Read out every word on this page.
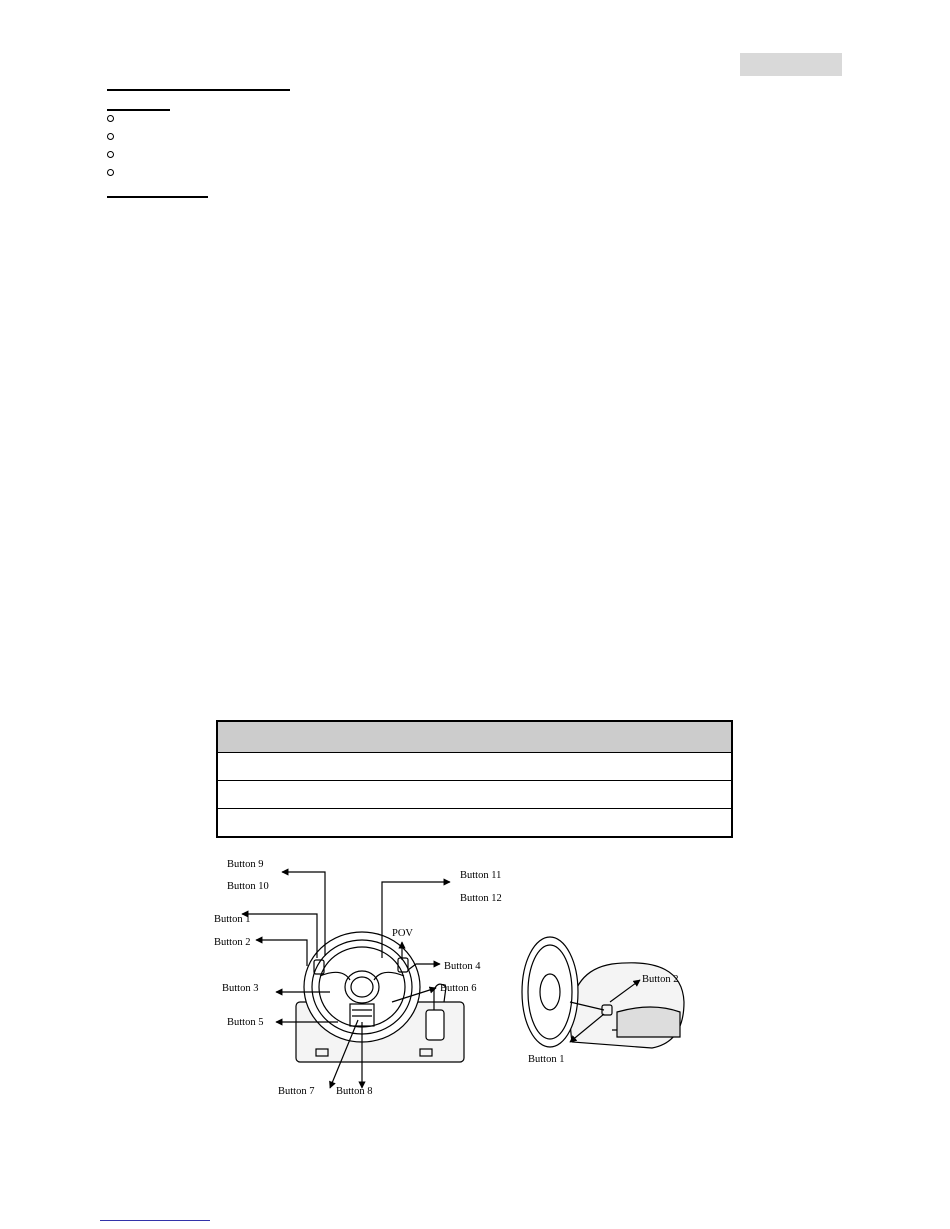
Button 9
Button 10
Button 1
Button 2
Button 3
Button 5
Button 7 Button 8
Button 11
Button 12
POV
Button 4
Button 6
Button 2
Button 1
